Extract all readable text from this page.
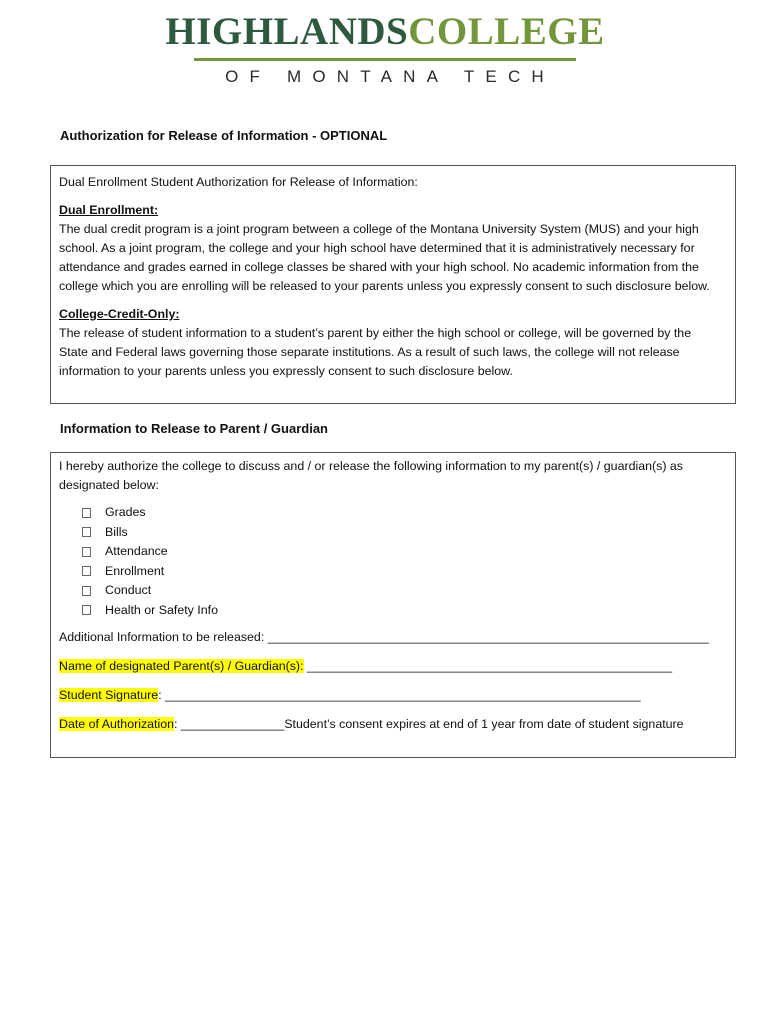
HIGHLANDSCOLLEGE
OF MONTANA TECH
Authorization for Release of Information - OPTIONAL

Dual Enrollment Student Authorization for Release of Information:

Dual Enrollment:

The dual credit program is a joint program between a college of the Montana University System (MUS) and your high

school. As a joint program, the college and your high school have determined that it is administratively necessary for

attendance and grades earned in college classes be shared with your high school. No academic information from the

college which you are enrolling will be released to your parents unless you expressly consent to such disclosure below.

College-Credit-Only:

The release of student information to a student’s parent by either the high school or college, will be governed by the

State and Federal laws governing those separate institutions. As a result of such laws, the college will not release

information to your parents unless you expressly consent to such disclosure below.

Information to Release to Parent / Guardian

I hereby authorize the college to discuss and / or release the following information to my parent(s) / guardian(s) as

designated below:

Grades
Bills
Attendance
Enrollment
Conduct
Health or Safety Info

Additional Information to be released: ________________________________________________________________

Name of designated Parent(s) / Guardian(s): _____________________________________________________

Student Signature: _____________________________________________________________________

Date of Authorization: _______________Student’s consent expires at end of 1 year from date of student signature
